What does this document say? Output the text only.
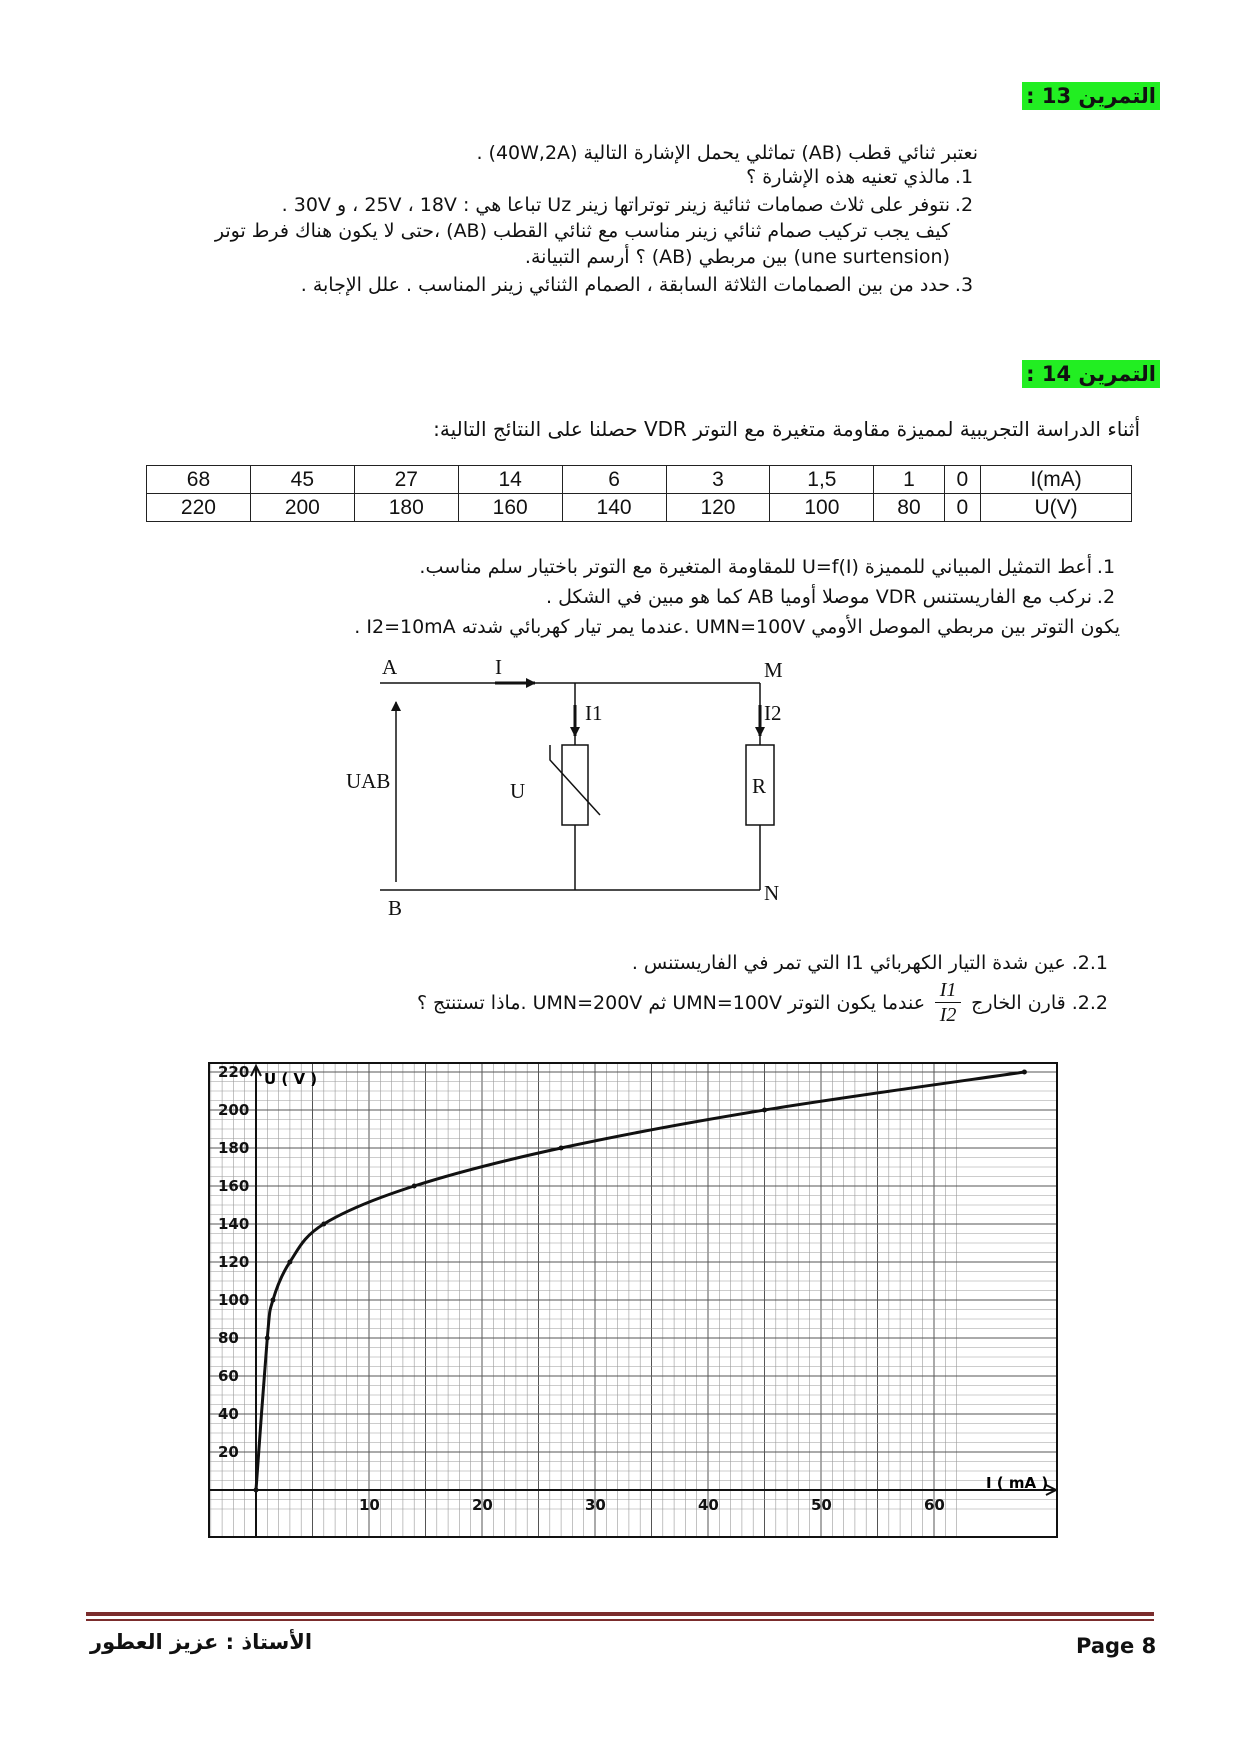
التمرين 13 :
نعتبر ثنائي قطب (AB) تماثلي يحمل الإشارة التالية (40W,2A) .
1.مالذي تعنيه هذه الإشارة ؟
2.نتوفر على ثلاث صمامات ثنائية زينر توتراتها زينر Uz تباعا هي : 25V ، 18V ، و 30V .
كيف يجب تركيب صمام ثنائي زينر مناسب مع ثنائي القطب (AB) ،حتى لا يكون هناك فرط توتر
(une surtension) بين مربطي (AB) ؟ أرسم التبيانة.
3.حدد من بين الصمامات الثلاثة السابقة ، الصمام الثنائي زينر المناسب . علل الإجابة .
التمرين 14 :
أثناء الدراسة التجريبية لمميزة مقاومة متغيرة مع التوتر VDR حصلنا على النتائج التالية:
68	45	27	14	6	3	1,5	1	0	I(mA)
220	200	180	160	140	120	100	80	0	U(V)
1.أعط التمثيل المبياني للمميزة U=f(I) للمقاومة المتغيرة مع التوتر باختيار سلم مناسب.
2.نركب مع الفاريستنس VDR موصلا أوميا AB كما هو مبين في الشكل .
يكون التوتر بين مربطي الموصل الأومي UMN=100V .عندما يمر تيار كهربائي شدته I2=10mA .
A
B
M
N
I
I1	I2
UAB	U	R
2.1. عين شدة التيار الكهربائي I1 التي تمر في الفاريستنس .
2.2. قارن الخارج
I1
I2
عندما يكون التوتر UMN=100V ثم UMN=200V .ماذا تستنتج ؟
10	20	30	40	50	60
20
40
60
80
100
120
140
160
180
200
220 U ( V )
I ( mA )
Page 8
الأستاذ : عزيز العطور
